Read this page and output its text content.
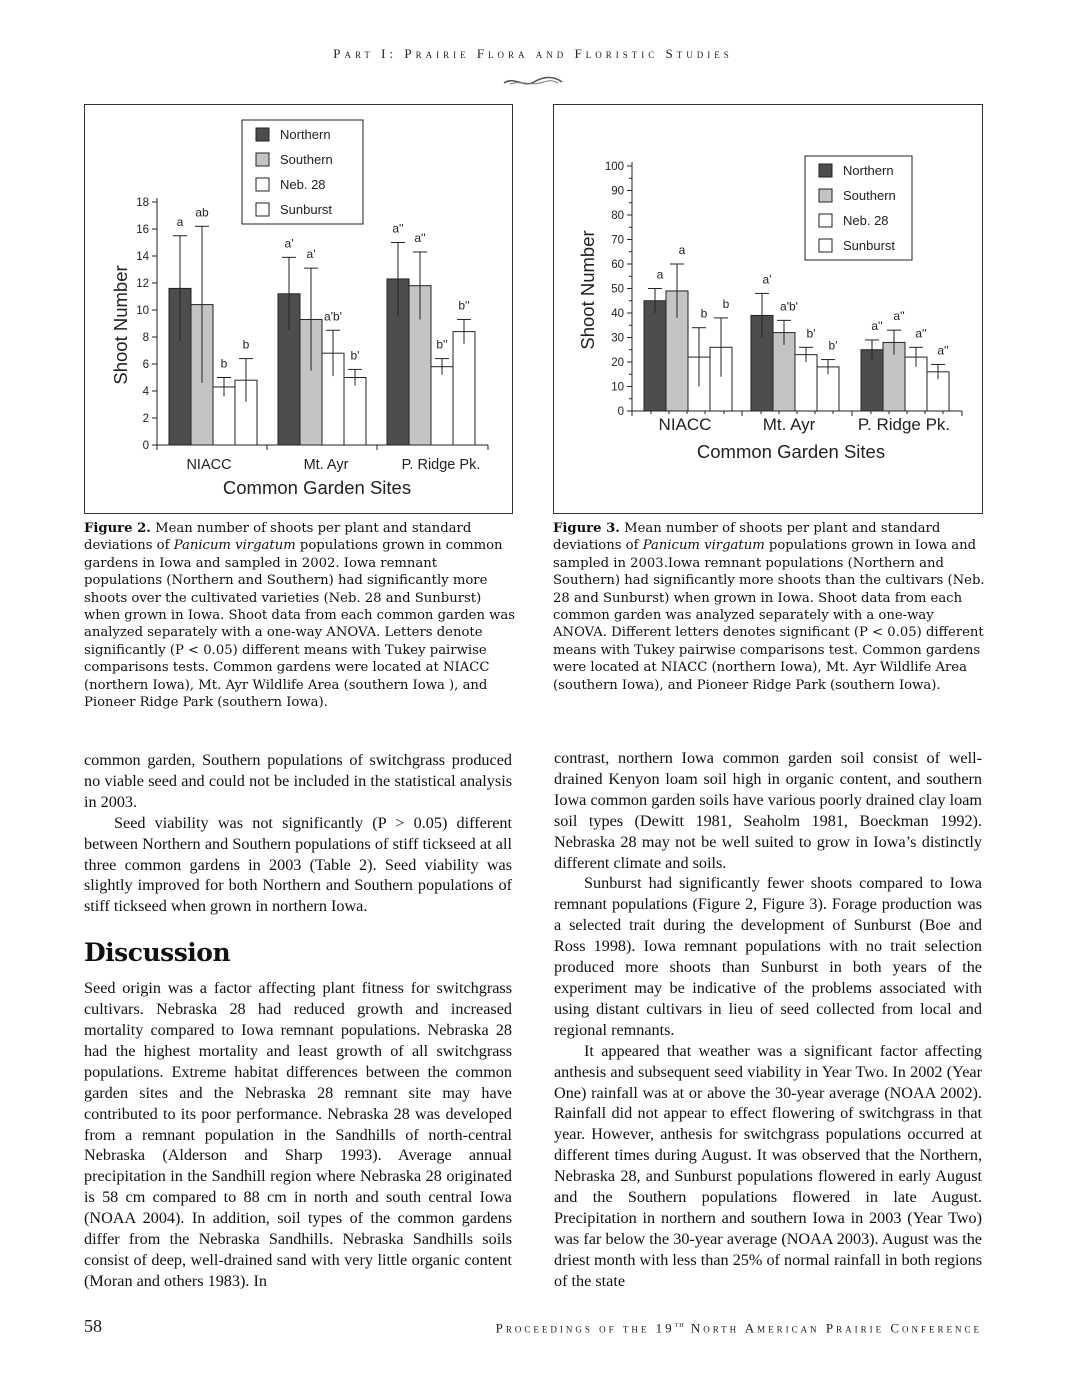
Part I: Prairie Flora and Floristic Studies
0
2
4
6
8
10
12
14
16
18
a
ab
b
b
NIACC
a'
a'
a'b'
b'
Mt. Ayr
a''
a''
b''
b''
P. Ridge Pk.
Common Garden Sites
Shoot Number
Northern
Southern
Neb. 28
Sunburst
0
10
20
30
40
50
60
70
80
90
100
a
a
b
b
NIACC
a'
a'b'
b'
b'
Mt. Ayr
a''
a''
a''
a''
P. Ridge Pk.
Common Garden Sites
Shoot Number
Northern
Southern
Neb. 28
Sunburst
Figure 2. Mean number of shoots per plant and standard deviations of Panicum virgatum populations grown in common gardens in Iowa and sampled in 2002. Iowa remnant populations (Northern and Southern) had significantly more shoots over the cultivated varieties (Neb. 28 and Sunburst) when grown in Iowa. Shoot data from each common garden was analyzed separately with a one-way ANOVA. Letters denote significantly (P < 0.05) different means with Tukey pairwise comparisons tests. Common gardens were located at NIACC (northern Iowa), Mt. Ayr Wildlife Area (southern Iowa ), and Pioneer Ridge Park (southern Iowa).
Figure 3. Mean number of shoots per plant and standard deviations of Panicum virgatum populations grown in Iowa and sampled in 2003.Iowa remnant populations (Northern and Southern) had significantly more shoots than the cultivars (Neb. 28 and Sunburst) when grown in Iowa. Shoot data from each common garden was analyzed separately with a one-way ANOVA. Different letters denotes significant (P < 0.05) different means with Tukey pairwise comparisons test. Common gardens were located at NIACC (northern Iowa), Mt. Ayr Wildlife Area (southern Iowa), and Pioneer Ridge Park (southern Iowa).

common garden, Southern populations of switchgrass produced no viable seed and could not be included in the statistical analysis in 2003.

Seed viability was not significantly (P > 0.05) different between Northern and Southern populations of stiff tickseed at all three common gardens in 2003 (Table 2). Seed viability was slightly improved for both Northern and Southern populations of stiff tickseed when grown in northern Iowa.

Discussion

Seed origin was a factor affecting plant fitness for switchgrass cultivars. Nebraska 28 had reduced growth and increased mortality compared to Iowa remnant populations. Nebraska 28 had the highest mortality and least growth of all switchgrass populations. Extreme habitat differences between the common garden sites and the Nebraska 28 remnant site may have contributed to its poor performance. Nebraska 28 was developed from a remnant population in the Sandhills of north-central Nebraska (Alderson and Sharp 1993). Average annual precipitation in the Sandhill region where Nebraska 28 originated is 58 cm compared to 88 cm in north and south central Iowa (NOAA 2004). In addition, soil types of the common gardens differ from the Nebraska Sandhills. Nebraska Sandhills soils consist of deep, well-drained sand with very little organic content (Moran and others 1983). In

contrast, northern Iowa common garden soil consist of well-drained Kenyon loam soil high in organic content, and southern Iowa common garden soils have various poorly drained clay loam soil types (Dewitt 1981, Seaholm 1981, Boeckman 1992). Nebraska 28 may not be well suited to grow in Iowa’s distinctly different climate and soils.

Sunburst had significantly fewer shoots compared to Iowa remnant populations (Figure 2, Figure 3). Forage production was a selected trait during the development of Sunburst (Boe and Ross 1998). Iowa remnant populations with no trait selection produced more shoots than Sunburst in both years of the experiment may be indicative of the problems associated with using distant cultivars in lieu of seed collected from local and regional remnants.

It appeared that weather was a significant factor affecting anthesis and subsequent seed viability in Year Two. In 2002 (Year One) rainfall was at or above the 30-year average (NOAA 2002). Rainfall did not appear to effect flowering of switchgrass in that year. However, anthesis for switchgrass populations occurred at different times during August. It was observed that the Northern, Nebraska 28, and Sunburst populations flowered in early August and the Southern populations flowered in late August. Precipitation in northern and southern Iowa in 2003 (Year Two) was far below the 30-year average (NOAA 2003). August was the driest month with less than 25% of normal rainfall in both regions of the state

58	Proceedings of the 19th North American Prairie Conference
